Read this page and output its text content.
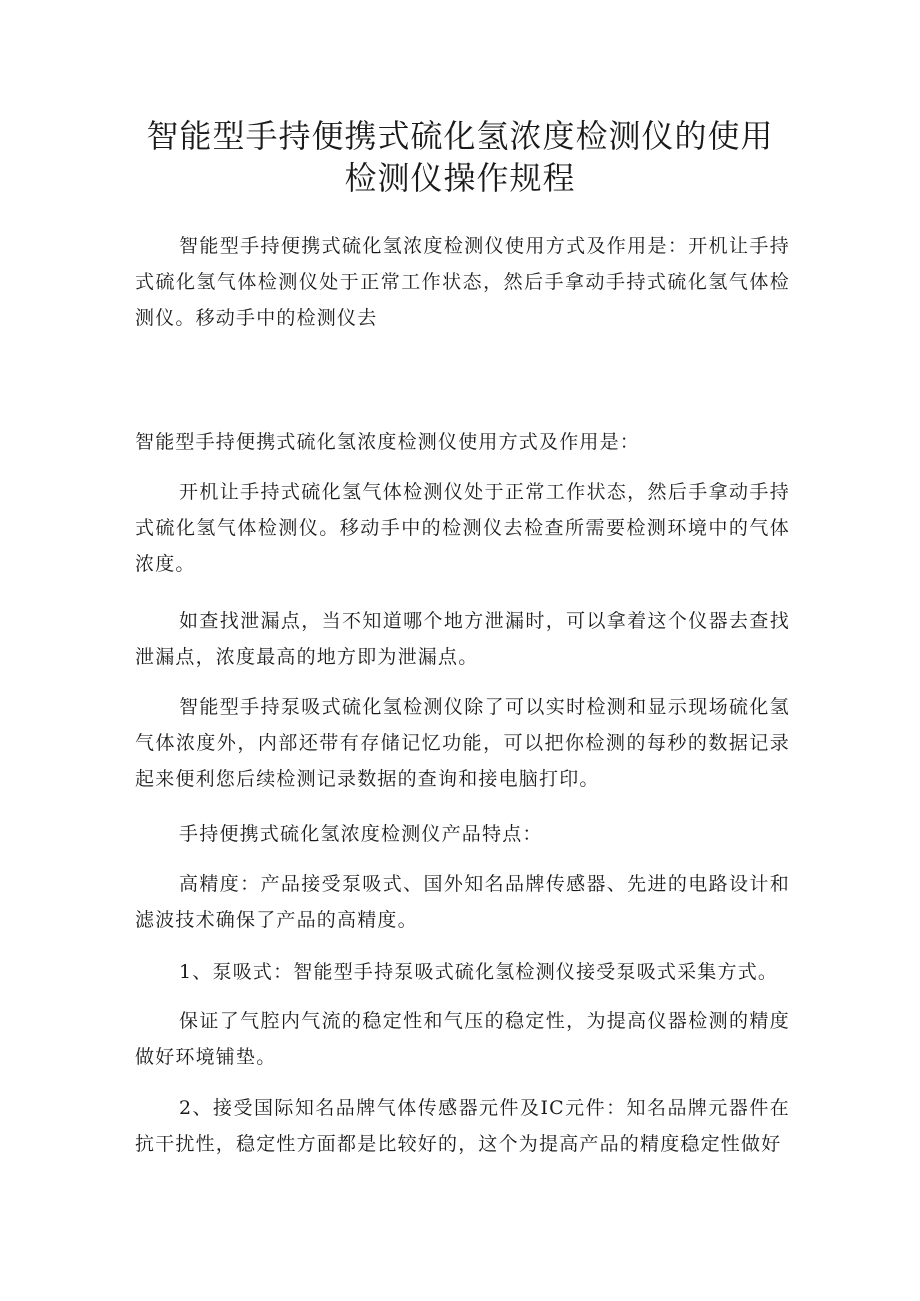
智能型手持便携式硫化氢浓度检测仪的使用
检测仪操作规程

智能型手持便携式硫化氢浓度检测仪使用方式及作用是：开机让手持式硫化氢气体检测仪处于正常工作状态，然后手拿动手持式硫化氢气体检测仪。移动手中的检测仪去

智能型手持便携式硫化氢浓度检测仪使用方式及作用是：

开机让手持式硫化氢气体检测仪处于正常工作状态，然后手拿动手持式硫化氢气体检测仪。移动手中的检测仪去检查所需要检测环境中的气体浓度。

如查找泄漏点，当不知道哪个地方泄漏时，可以拿着这个仪器去查找泄漏点，浓度最高的地方即为泄漏点。

智能型手持泵吸式硫化氢检测仪除了可以实时检测和显示现场硫化氢气体浓度外，内部还带有存储记忆功能，可以把你检测的每秒的数据记录起来便利您后续检测记录数据的查询和接电脑打印。

手持便携式硫化氢浓度检测仪产品特点：

高精度：产品接受泵吸式、国外知名品牌传感器、先进的电路设计和滤波技术确保了产品的高精度。

1、泵吸式：智能型手持泵吸式硫化氢检测仪接受泵吸式采集方式。

保证了气腔内气流的稳定性和气压的稳定性，为提高仪器检测的精度做好环境铺垫。

2、接受国际知名品牌气体传感器元件及IC元件：知名品牌元器件在抗干扰性，稳定性方面都是比较好的，这个为提高产品的精度稳定性做好
